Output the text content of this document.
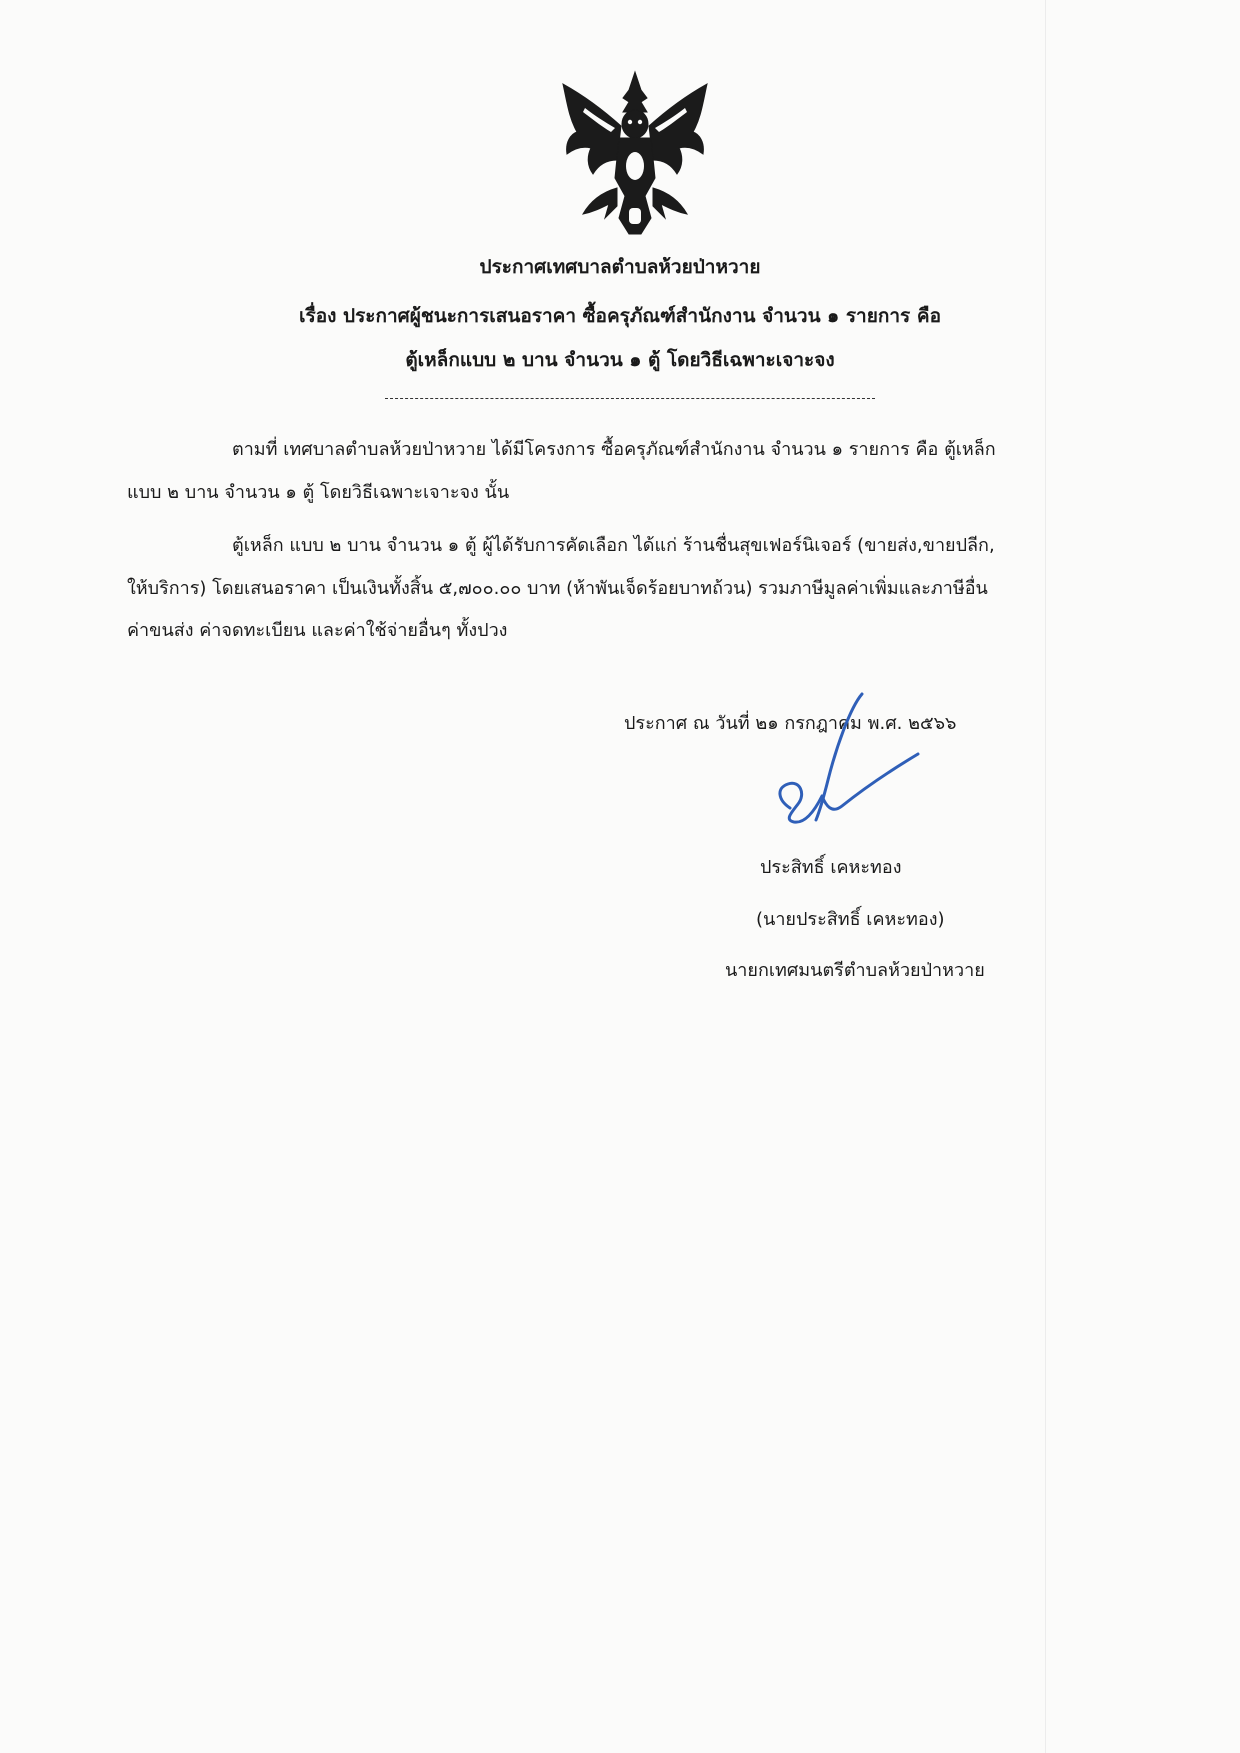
ประกาศเทศบาลตำบลห้วยป่าหวาย
เรื่อง ประกาศผู้ชนะการเสนอราคา ซื้อครุภัณฑ์สำนักงาน จำนวน ๑ รายการ คือ
ตู้เหล็กแบบ ๒ บาน จำนวน ๑ ตู้ โดยวิธีเฉพาะเจาะจง
ตามที่ เทศบาลตำบลห้วยป่าหวาย ได้มีโครงการ ซื้อครุภัณฑ์สำนักงาน จำนวน ๑ รายการ คือ ตู้เหล็ก
แบบ ๒ บาน จำนวน ๑ ตู้ โดยวิธีเฉพาะเจาะจง นั้น
ตู้เหล็ก แบบ ๒ บาน จำนวน ๑ ตู้ ผู้ได้รับการคัดเลือก ได้แก่ ร้านชื่นสุขเฟอร์นิเจอร์ (ขายส่ง,ขายปลีก,
ให้บริการ) โดยเสนอราคา เป็นเงินทั้งสิ้น ๕,๗๐๐.๐๐ บาท (ห้าพันเจ็ดร้อยบาทถ้วน) รวมภาษีมูลค่าเพิ่มและภาษีอื่น
ค่าขนส่ง ค่าจดทะเบียน และค่าใช้จ่ายอื่นๆ ทั้งปวง
ประกาศ ณ วันที่ ๒๑ กรกฎาคม พ.ศ. ๒๕๖๖
ประสิทธิ์ เคหะทอง
(นายประสิทธิ์ เคหะทอง)
นายกเทศมนตรีตำบลห้วยป่าหวาย
